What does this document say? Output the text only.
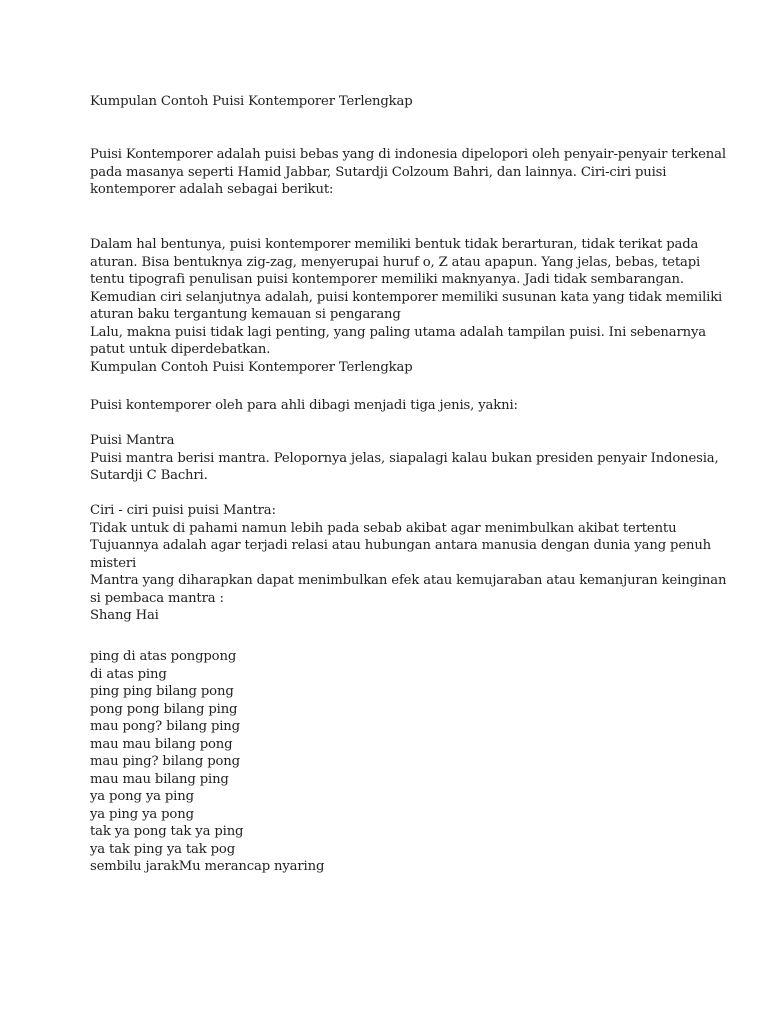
Kumpulan Contoh Puisi Kontemporer Terlengkap
Puisi Kontemporer adalah puisi bebas yang di indonesia dipelopori oleh penyair-penyair terkenal
pada masanya seperti Hamid Jabbar, Sutardji Colzoum Bahri, dan lainnya. Ciri-ciri puisi
kontemporer adalah sebagai berikut:
Dalam hal bentunya, puisi kontemporer memiliki bentuk tidak berarturan, tidak terikat pada
aturan. Bisa bentuknya zig-zag, menyerupai huruf o, Z atau apapun. Yang jelas, bebas, tetapi
tentu tipografi penulisan puisi kontemporer memiliki maknyanya. Jadi tidak sembarangan.
Kemudian ciri selanjutnya adalah, puisi kontemporer memiliki susunan kata yang tidak memiliki
aturan baku tergantung kemauan si pengarang
Lalu, makna puisi tidak lagi penting, yang paling utama adalah tampilan puisi. Ini sebenarnya
patut untuk diperdebatkan.
Kumpulan Contoh Puisi Kontemporer Terlengkap
Puisi kontemporer oleh para ahli dibagi menjadi tiga jenis, yakni:
Puisi Mantra
Puisi mantra berisi mantra. Pelopornya jelas, siapalagi kalau bukan presiden penyair Indonesia,
Sutardji C Bachri.
Ciri - ciri puisi puisi Mantra:
Tidak untuk di pahami namun lebih pada sebab akibat agar menimbulkan akibat tertentu
Tujuannya adalah agar terjadi relasi atau hubungan antara manusia dengan dunia yang penuh
misteri
Mantra yang diharapkan dapat menimbulkan efek atau kemujaraban atau kemanjuran keinginan
si pembaca mantra :
Shang Hai
ping di atas pongpong
di atas ping
ping ping bilang pong
pong pong bilang ping
mau pong? bilang ping
mau mau bilang pong
mau ping? bilang pong
mau mau bilang ping
ya pong ya ping
ya ping ya pong
tak ya pong tak ya ping
ya tak ping ya tak pog
sembilu jarakMu merancap nyaring
